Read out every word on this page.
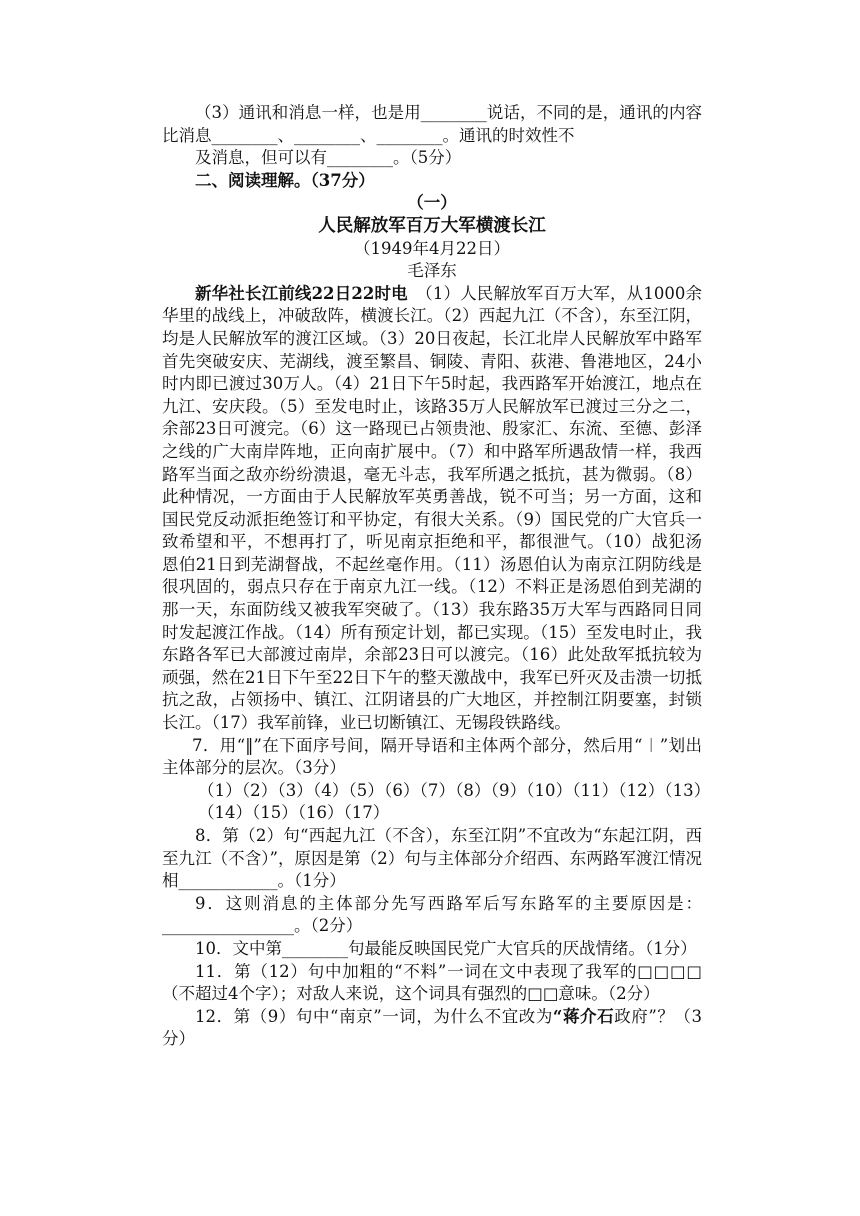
（3）通讯和消息一样，也是用________说话，不同的是，通讯的内容比消息________、________、________。通讯的时效性不

及消息，但可以有________。（5分）

二、阅读理解。（37分）

（一）

人民解放军百万大军横渡长江

（1949年4月22日）

毛泽东

新华社长江前线22日22时电　（1）人民解放军百万大军，从1000余华里的战线上，冲破敌阵，横渡长江。（2）西起九江（不含），东至江阴，均是人民解放军的渡江区域。（3）20日夜起，长江北岸人民解放军中路军首先突破安庆、芜湖线，渡至繁昌、铜陵、青阳、荻港、鲁港地区，24小时内即已渡过30万人。（4）21日下午5时起，我西路军开始渡江，地点在九江、安庆段。（5）至发电时止，该路35万人民解放军已渡过三分之二，余部23日可渡完。（6）这一路现已占领贵池、殷家汇、东流、至德、彭泽之线的广大南岸阵地，正向南扩展中。（7）和中路军所遇敌情一样，我西路军当面之敌亦纷纷溃退，毫无斗志，我军所遇之抵抗，甚为微弱。（8）此种情况，一方面由于人民解放军英勇善战，锐不可当；另一方面，这和国民党反动派拒绝签订和平协定，有很大关系。（9）国民党的广大官兵一致希望和平，不想再打了，听见南京拒绝和平，都很泄气。（10）战犯汤恩伯21日到芜湖督战，不起丝毫作用。（11）汤恩伯认为南京江阴防线是很巩固的，弱点只存在于南京九江一线。（12）不料正是汤恩伯到芜湖的那一天，东面防线又被我军突破了。（13）我东路35万大军与西路同日同时发起渡江作战。（14）所有预定计划，都已实现。（15）至发电时止，我东路各军已大部渡过南岸，余部23日可以渡完。（16）此处敌军抵抗较为顽强，然在21日下午至22日下午的整天激战中，我军已歼灭及击溃一切抵抗之敌，占领扬中、镇江、江阴诸县的广大地区，并控制江阴要塞，封锁长江。（17）我军前锋，业已切断镇江、无锡段铁路线。

7．用“‖”在下面序号间，隔开导语和主体两个部分，然后用“︱”划出主体部分的层次。（3分）

（1）（2）（3）（4）（5）（6）（7）（8）（9）（10）（11）（12）（13）（14）（15）（16）（17）

8．第（2）句“西起九江（不含），东至江阴”不宜改为“东起江阴，西至九江（不含）”，原因是第（2）句与主体部分介绍西、东两路军渡江情况相____________。（1分）

9．这则消息的主体部分先写西路军后写东路军的主要原因是：________________。（2分）

10．文中第________句最能反映国民党广大官兵的厌战情绪。（1分）

11．第（12）句中加粗的“不料”一词在文中表现了我军的□□□□（不超过4个字）；对敌人来说，这个词具有强烈的□□意味。（2分）

12．第（9）句中“南京”一词，为什么不宜改为“蒋介石政府”？（3分）
